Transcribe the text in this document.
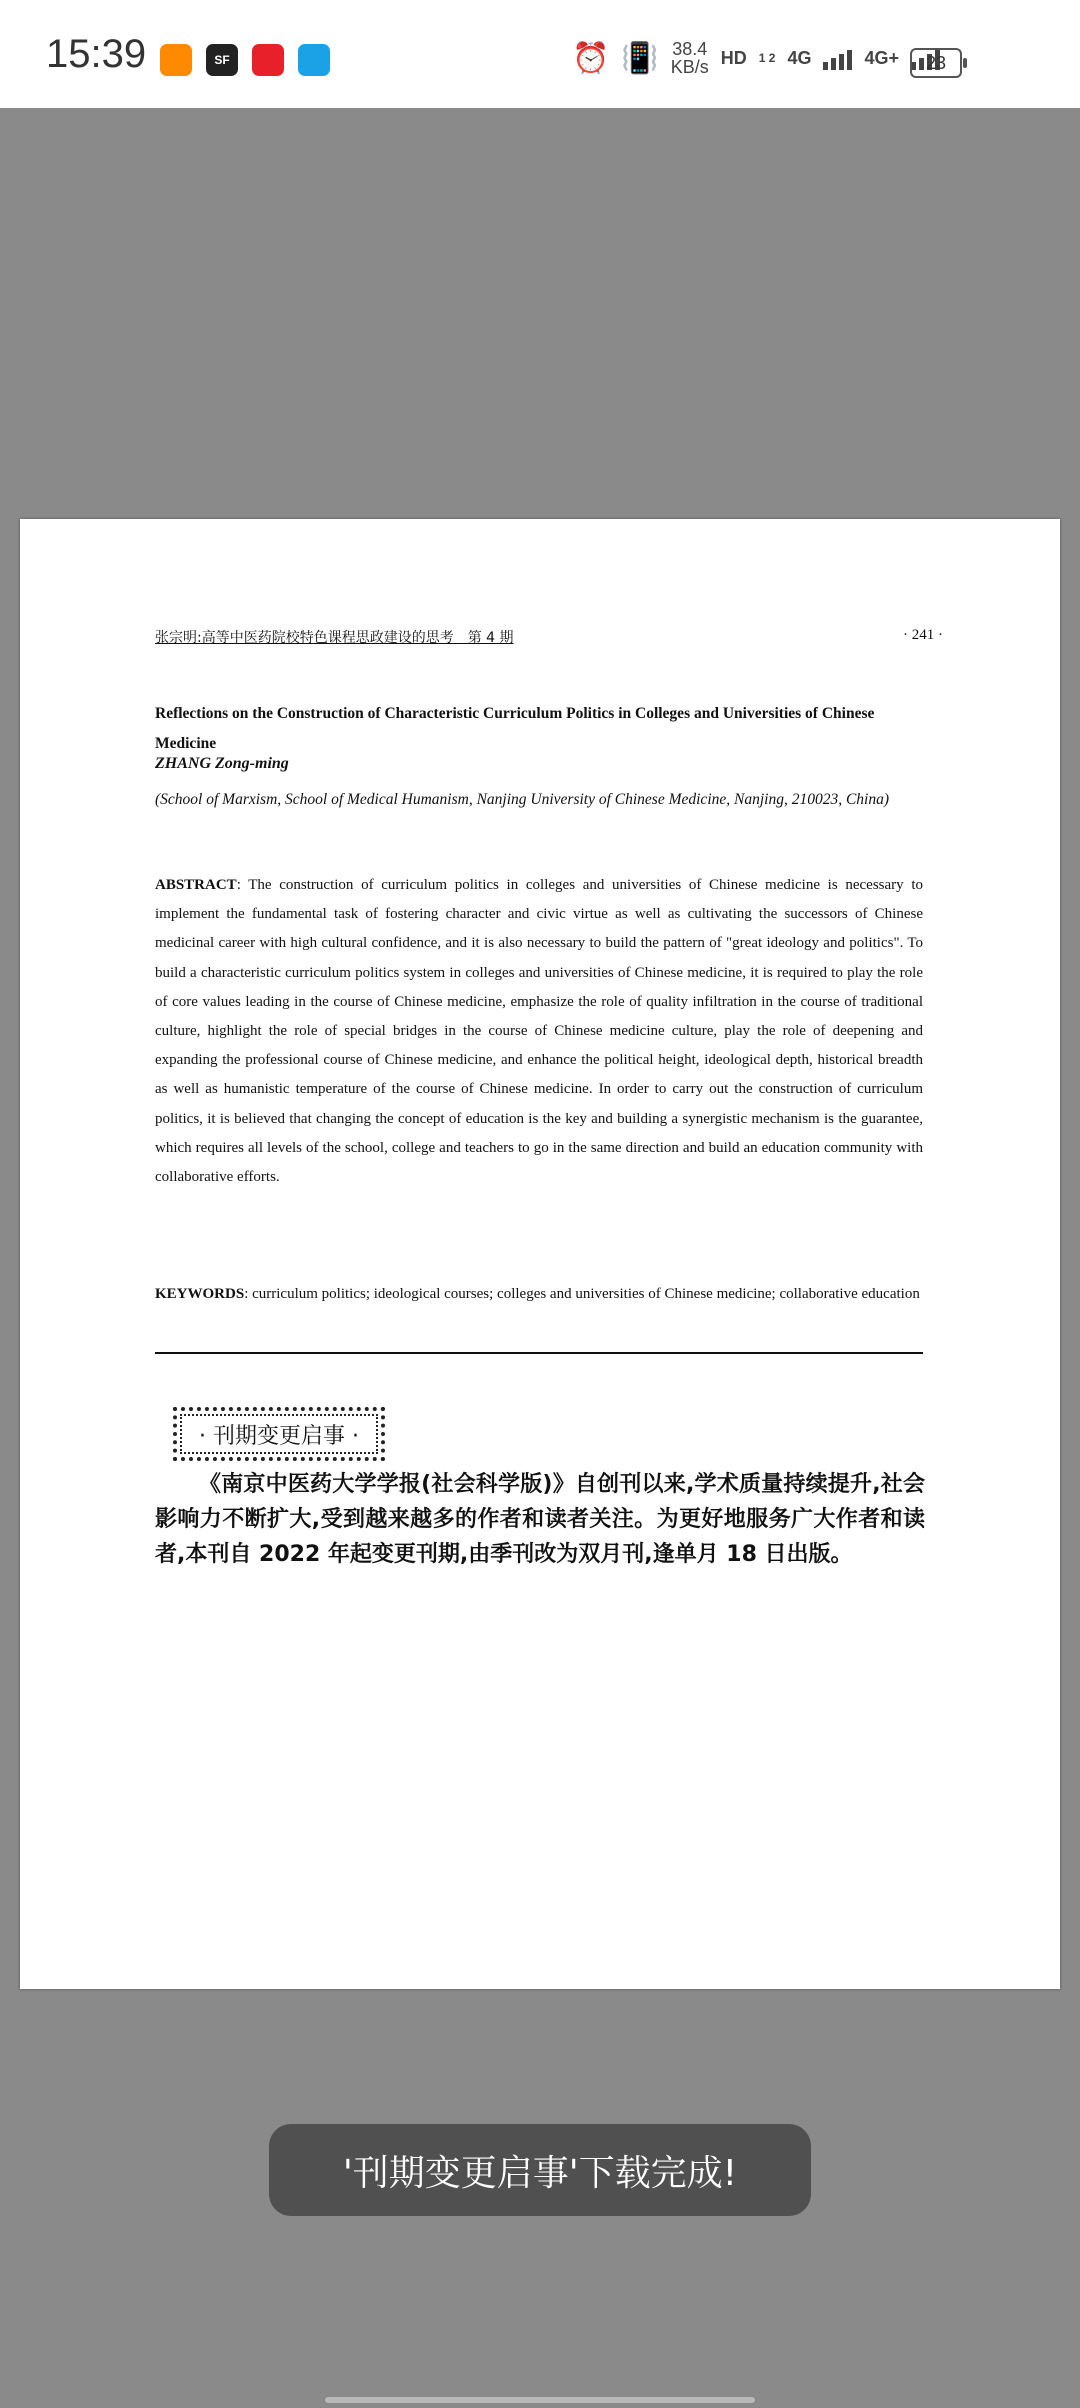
15:39	SF	⏰ 📳 38.4
KB/s HD 1 2 4G	4G+	23
张宗明:高等中医药院校特色课程思政建设的思考　第 4 期	· 241 ·
Reflections on the Construction of Characteristic Curriculum Politics in Colleges and Universities of Chinese Medicine
ZHANG Zong-ming
(School of Marxism, School of Medical Humanism, Nanjing University of Chinese Medicine, Nanjing, 210023, China)
ABSTRACT: The construction of curriculum politics in colleges and universities of Chinese medicine is necessary to implement the fundamental task of fostering character and civic virtue as well as cultivating the successors of Chinese medicinal career with high cultural confidence, and it is also necessary to build the pattern of "great ideology and politics". To build a characteristic curriculum politics system in colleges and universities of Chinese medicine, it is required to play the role of core values leading in the course of Chinese medicine, emphasize the role of quality infiltration in the course of traditional culture, highlight the role of special bridges in the course of Chinese medicine culture, play the role of deepening and expanding the professional course of Chinese medicine, and enhance the political height, ideological depth, historical breadth as well as humanistic temperature of the course of Chinese medicine. In order to carry out the construction of curriculum politics, it is believed that changing the concept of education is the key and building a synergistic mechanism is the guarantee, which requires all levels of the school, college and teachers to go in the same direction and build an education community with collaborative efforts.
KEYWORDS: curriculum politics; ideological courses; colleges and universities of Chinese medicine; collaborative education
· 刊期变更启事 ·
《南京中医药大学学报(社会科学版)》自创刊以来,学术质量持续提升,社会影响力不断扩大,受到越来越多的作者和读者关注。为更好地服务广大作者和读者,本刊自 2022 年起变更刊期,由季刊改为双月刊,逢单月 18 日出版。
'刊期变更启事'下载完成!
